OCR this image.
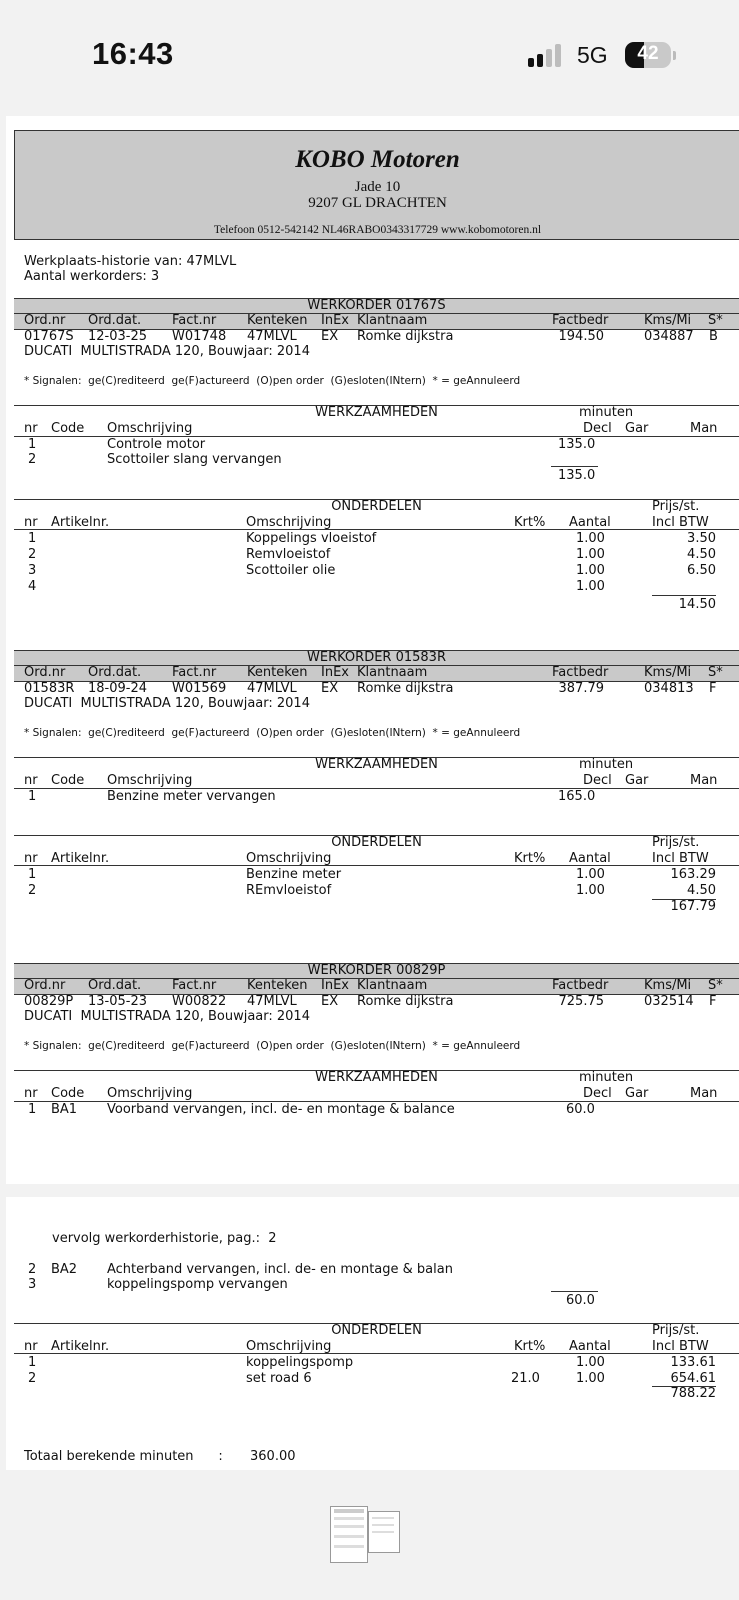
16:43	5G	42
KOBO Motoren
Jade 10
9207 GL DRACHTEN
Telefoon 0512-542142 NL46RABO0343317729 www.kobomotoren.nl
Werkplaats-historie van: 47MLVL
Aantal werkorders: 3
WERKORDER 01767S
Ord.nr Ord.dat. Fact.nr Kenteken InEx Klantnaam	Factbedr	Kms/Mi S*
01767S 12-03-25 W01748 47MLVL EX Romke dijkstra	194.50	034887 B
DUCATI  MULTISTRADA 120, Bouwjaar: 2014
* Signalen:  ge(C)rediteerd  ge(F)actureerd  (O)pen order  (G)esloten(INtern)  * = geAnnuleerd
WERKZAAMHEDEN	minuten
nr Code Omschrijving	Decl Gar	Man
1	Controle motor	135.0
2	Scottoiler slang vervangen
135.0
ONDERDELEN	Prijs/st.
nr Artikelnr.	Omschrijving	Krt% Aantal	Incl BTW
1	Koppelings vloeistof	1.00	3.50
2	Remvloeistof	1.00	4.50
3	Scottoiler olie	1.00	6.50
4	1.00
14.50
WERKORDER 01583R
Ord.nr Ord.dat. Fact.nr Kenteken InEx Klantnaam	Factbedr	Kms/Mi S*
01583R 18-09-24 W01569 47MLVL EX Romke dijkstra	387.79	034813 F
DUCATI  MULTISTRADA 120, Bouwjaar: 2014
* Signalen:  ge(C)rediteerd  ge(F)actureerd  (O)pen order  (G)esloten(INtern)  * = geAnnuleerd
WERKZAAMHEDEN	minuten
nr Code Omschrijving	Decl Gar	Man
1	Benzine meter vervangen	165.0
ONDERDELEN	Prijs/st.
nr Artikelnr.	Omschrijving	Krt% Aantal	Incl BTW
1	Benzine meter	1.00	163.29
2	REmvloeistof	1.00	4.50
167.79
WERKORDER 00829P
Ord.nr Ord.dat. Fact.nr Kenteken InEx Klantnaam	Factbedr	Kms/Mi S*
00829P 13-05-23 W00822 47MLVL EX Romke dijkstra	725.75	032514 F
DUCATI  MULTISTRADA 120, Bouwjaar: 2014
* Signalen:  ge(C)rediteerd  ge(F)actureerd  (O)pen order  (G)esloten(INtern)  * = geAnnuleerd
WERKZAAMHEDEN	minuten
nr Code Omschrijving	Decl Gar	Man
1 BA1 Voorband vervangen, incl. de- en montage & balance	60.0
vervolg werkorderhistorie, pag.:  2
2 BA2 Achterband vervangen, incl. de- en montage & balan
3	koppelingspomp vervangen
60.0
ONDERDELEN	Prijs/st.
nr Artikelnr.	Omschrijving	Krt% Aantal	Incl BTW
1	koppelingspomp	1.00	133.61
2	set road 6	21.0	1.00	654.61
788.22
Totaal berekende minuten      : 360.00
